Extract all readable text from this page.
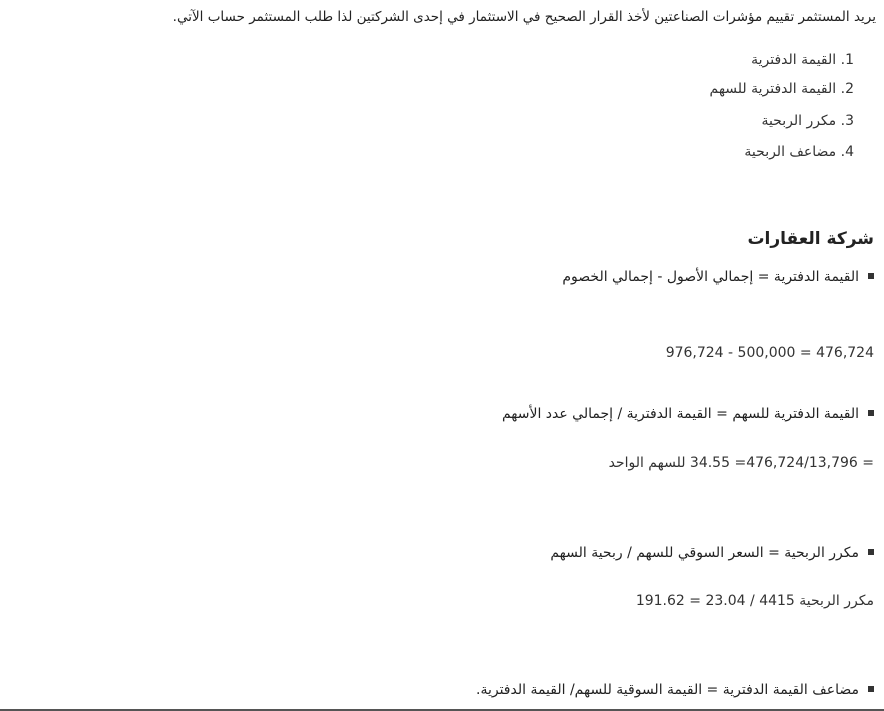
يريد المستثمر تقييم مؤشرات الصناعتين لأخذ القرار الصحيح في الاستثمار في إحدى الشركتين لذا طلب المستثمر حساب الآتي.
1. القيمة الدفترية
2. القيمة الدفترية للسهم
3. مكرر الربحية
4. مضاعف الربحية
شركة العقارات
القيمة الدفترية = إجمالي الأصول - إجمالي الخصوم
476,724 = 500,000 - 976,724
القيمة الدفترية للسهم = القيمة الدفترية / إجمالي عدد الأسهم
= 476,724/13,796= 34.55 للسهم الواحد
مكرر الربحية = السعر السوقي للسهم / ربحية السهم
مكرر الربحية 4415 / 23.04 = 191.62
مضاعف القيمة الدفترية = القيمة السوقية للسهم/ القيمة الدفترية.
